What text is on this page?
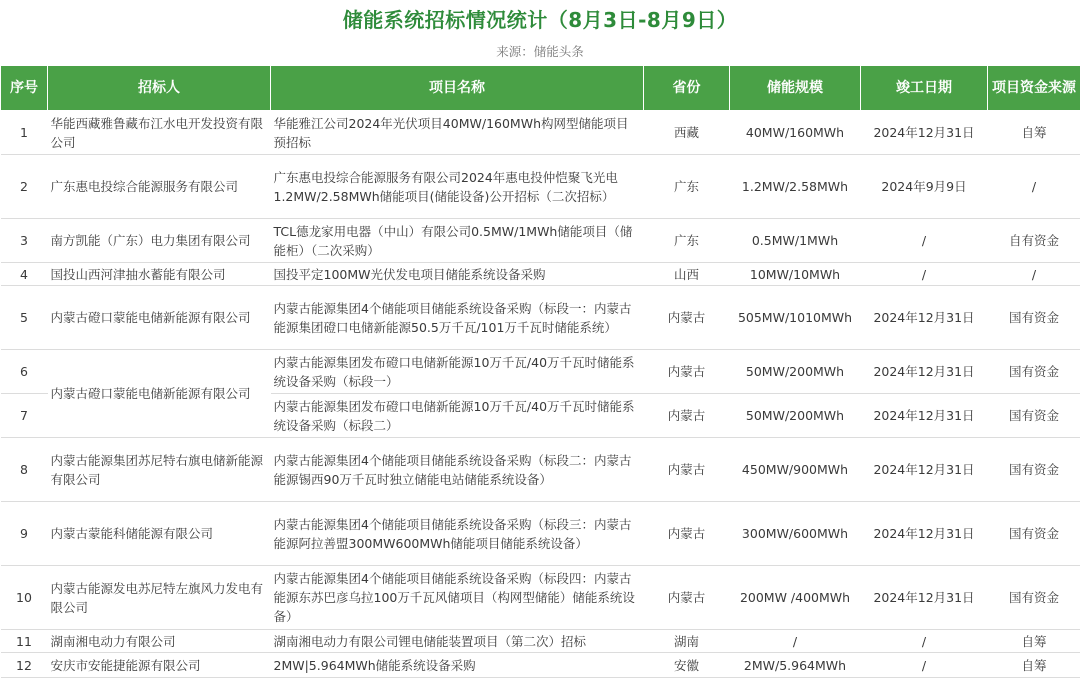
储能系统招标情况统计（8月3日-8月9日）
来源：储能头条
序号	招标人	项目名称	省份	储能规模	竣工日期	项目资金来源
1	华能西藏雅鲁藏布江水电开发投资有限公司	华能雅江公司2024年光伏项目40MW/160MWh构网型储能项目预招标	西藏	40MW/160MWh	2024年12月31日	自筹
2	广东惠电投综合能源服务有限公司	广东惠电投综合能源服务有限公司2024年惠电投仲恺聚飞光电1.2MW/2.58MWh储能项目(储能设备)公开招标（二次招标）	广东	1.2MW/2.58MWh	2024年9月9日	/
3	南方凯能（广东）电力集团有限公司	TCL德龙家用电器（中山）有限公司0.5MW/1MWh储能项目（储能柜）（二次采购）	广东	0.5MW/1MWh	/	自有资金
4	国投山西河津抽水蓄能有限公司	国投平定100MW光伏发电项目储能系统设备采购	山西	10MW/10MWh	/	/
5	内蒙古磴口蒙能电储新能源有限公司	内蒙古能源集团4个储能项目储能系统设备采购（标段一：内蒙古能源集团磴口电储新能源50.5万千瓦/101万千瓦时储能系统）	内蒙古	505MW/1010MWh	2024年12月31日	国有资金
6	内蒙古磴口蒙能电储新能源有限公司	内蒙古能源集团发布磴口电储新能源10万千瓦/40万千瓦时储能系统设备采购（标段一）	内蒙古	50MW/200MWh	2024年12月31日	国有资金
7		内蒙古能源集团发布磴口电储新能源10万千瓦/40万千瓦时储能系统设备采购（标段二）	内蒙古	50MW/200MWh	2024年12月31日	国有资金
8	内蒙古能源集团苏尼特右旗电储新能源有限公司	内蒙古能源集团4个储能项目储能系统设备采购（标段二：内蒙古能源锡西90万千瓦时独立储能电站储能系统设备）	内蒙古	450MW/900MWh	2024年12月31日	国有资金
9	内蒙古蒙能科储能源有限公司	内蒙古能源集团4个储能项目储能系统设备采购（标段三：内蒙古能源阿拉善盟300MW600MWh储能项目储能系统设备）	内蒙古	300MW/600MWh	2024年12月31日	国有资金
10	内蒙古能源发电苏尼特左旗风力发电有限公司	内蒙古能源集团4个储能项目储能系统设备采购（标段四：内蒙古能源东苏巴彦乌拉100万千瓦风储项目（构网型储能）储能系统设备）	内蒙古	200MW /400MWh	2024年12月31日	国有资金
11	湖南湘电动力有限公司	湖南湘电动力有限公司锂电储能装置项目（第二次）招标	湖南	/	/	自筹
12	安庆市安能捷能源有限公司	2MW|5.964MWh储能系统设备采购	安徽	2MW/5.964MWh	/	自筹
